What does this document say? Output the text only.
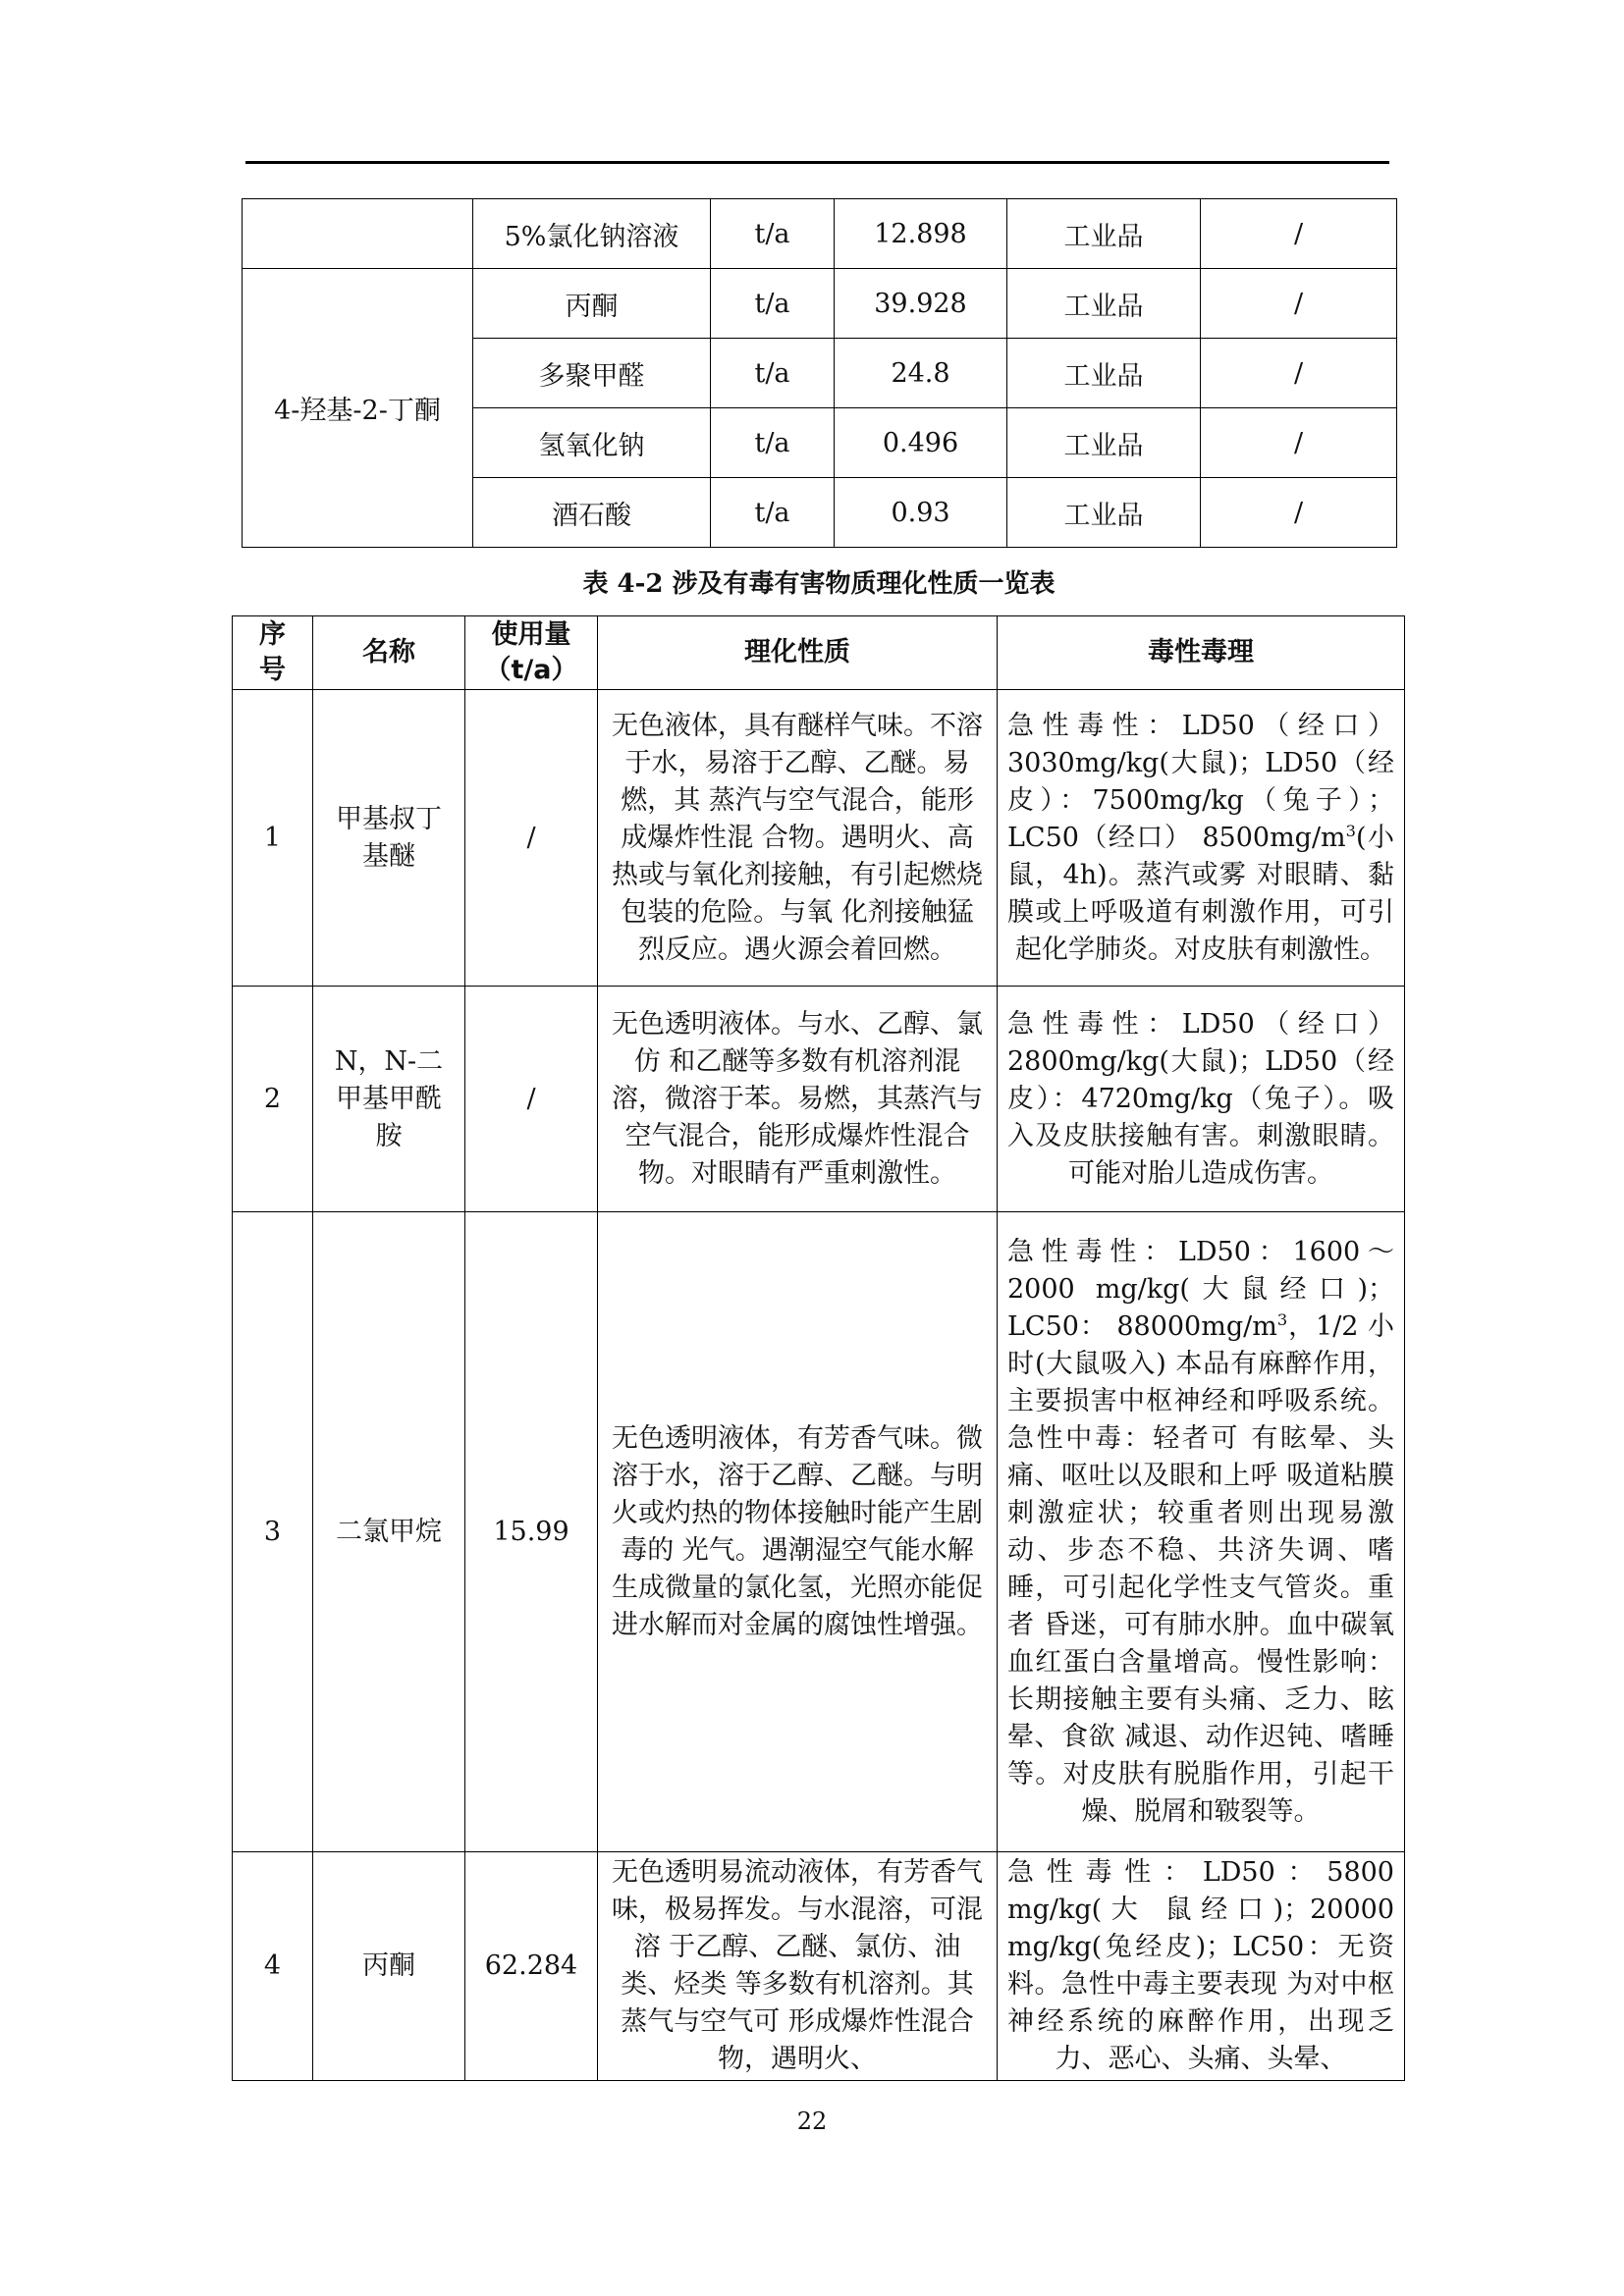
	5%氯化钠溶液	t/a	12.898	工业品	/
4-羟基-2-丁酮	丙酮	t/a	39.928	工业品	/
	多聚甲醛	t/a	24.8	工业品	/
	氢氧化钠	t/a	0.496	工业品	/
	酒石酸	t/a	0.93	工业品	/
表 4-2 涉及有毒有害物质理化性质一览表
序号	名称	使用量（t/a）	理化性质	毒性毒理
1	甲基叔丁基醚	/	无色液体，具有醚样气味。不溶于水，易溶于乙醇、乙醚。易燃，其 蒸汽与空气混合，能形成爆炸性混 合物。遇明火、高热或与氧化剂接触，有引起燃烧包装的危险。与氧 化剂接触猛烈反应。遇火源会着回燃。	急性毒性：LD50（经口）3030mg/kg(大鼠)；LD50（经皮）：7500mg/kg（兔子）；LC50（经口） $8500mg/m^3$(小鼠，4h)。蒸汽或雾 对眼睛、黏膜或上呼吸道有刺激作用，可引起化学肺炎。对皮肤有刺激性。
2	N，N-二甲基甲酰胺	/	无色透明液体。与水、乙醇、氯仿 和乙醚等多数有机溶剂混溶，微溶于苯。易燃，其蒸汽与空气混合，能形成爆炸性混合物。对眼睛有严重刺激性。	急性毒性：LD50（经口）2800mg/kg(大鼠)；LD50（经皮）：4720mg/kg（兔子）。吸入及皮肤接触有害。刺激眼睛。可能对胎儿造成伤害。
3	二氯甲烷	15.99	无色透明液体，有芳香气味。微溶于水，溶于乙醇、乙醚。与明火或灼热的物体接触时能产生剧毒的 光气。遇潮湿空气能水解生成微量的氯化氢，光照亦能促进水解而对金属的腐蚀性增强。	急性毒性：LD50：1600～2000 mg/kg(大鼠经口)；LC50： $88000mg/m^3$，1/2 小时(大鼠吸入) 本品有麻醉作用，主要损害中枢神经和呼吸系统。急性中毒：轻者可 有眩晕、头痛、呕吐以及眼和上呼 吸道粘膜刺激症状；较重者则出现易激动、步态不稳、共济失调、嗜睡，可引起化学性支气管炎。重者 昏迷，可有肺水肿。血中碳氧血红蛋白含量增高。慢性影响：长期接触主要有头痛、乏力、眩晕、食欲 减退、动作迟钝、嗜睡等。对皮肤有脱脂作用，引起干燥、脱屑和皲裂等。
4	丙酮	62.284	无色透明易流动液体，有芳香气味，极易挥发。与水混溶，可混溶 于乙醇、乙醚、氯仿、油类、烃类 等多数有机溶剂。其蒸气与空气可 形成爆炸性混合物，遇明火、	急性毒性：LD50：5800 mg/kg(大 鼠经口)；20000 mg/kg(兔经皮)；LC50：无资料。急性中毒主要表现 为对中枢神经系统的麻醉作用，出现乏力、恶心、头痛、头晕、
22
